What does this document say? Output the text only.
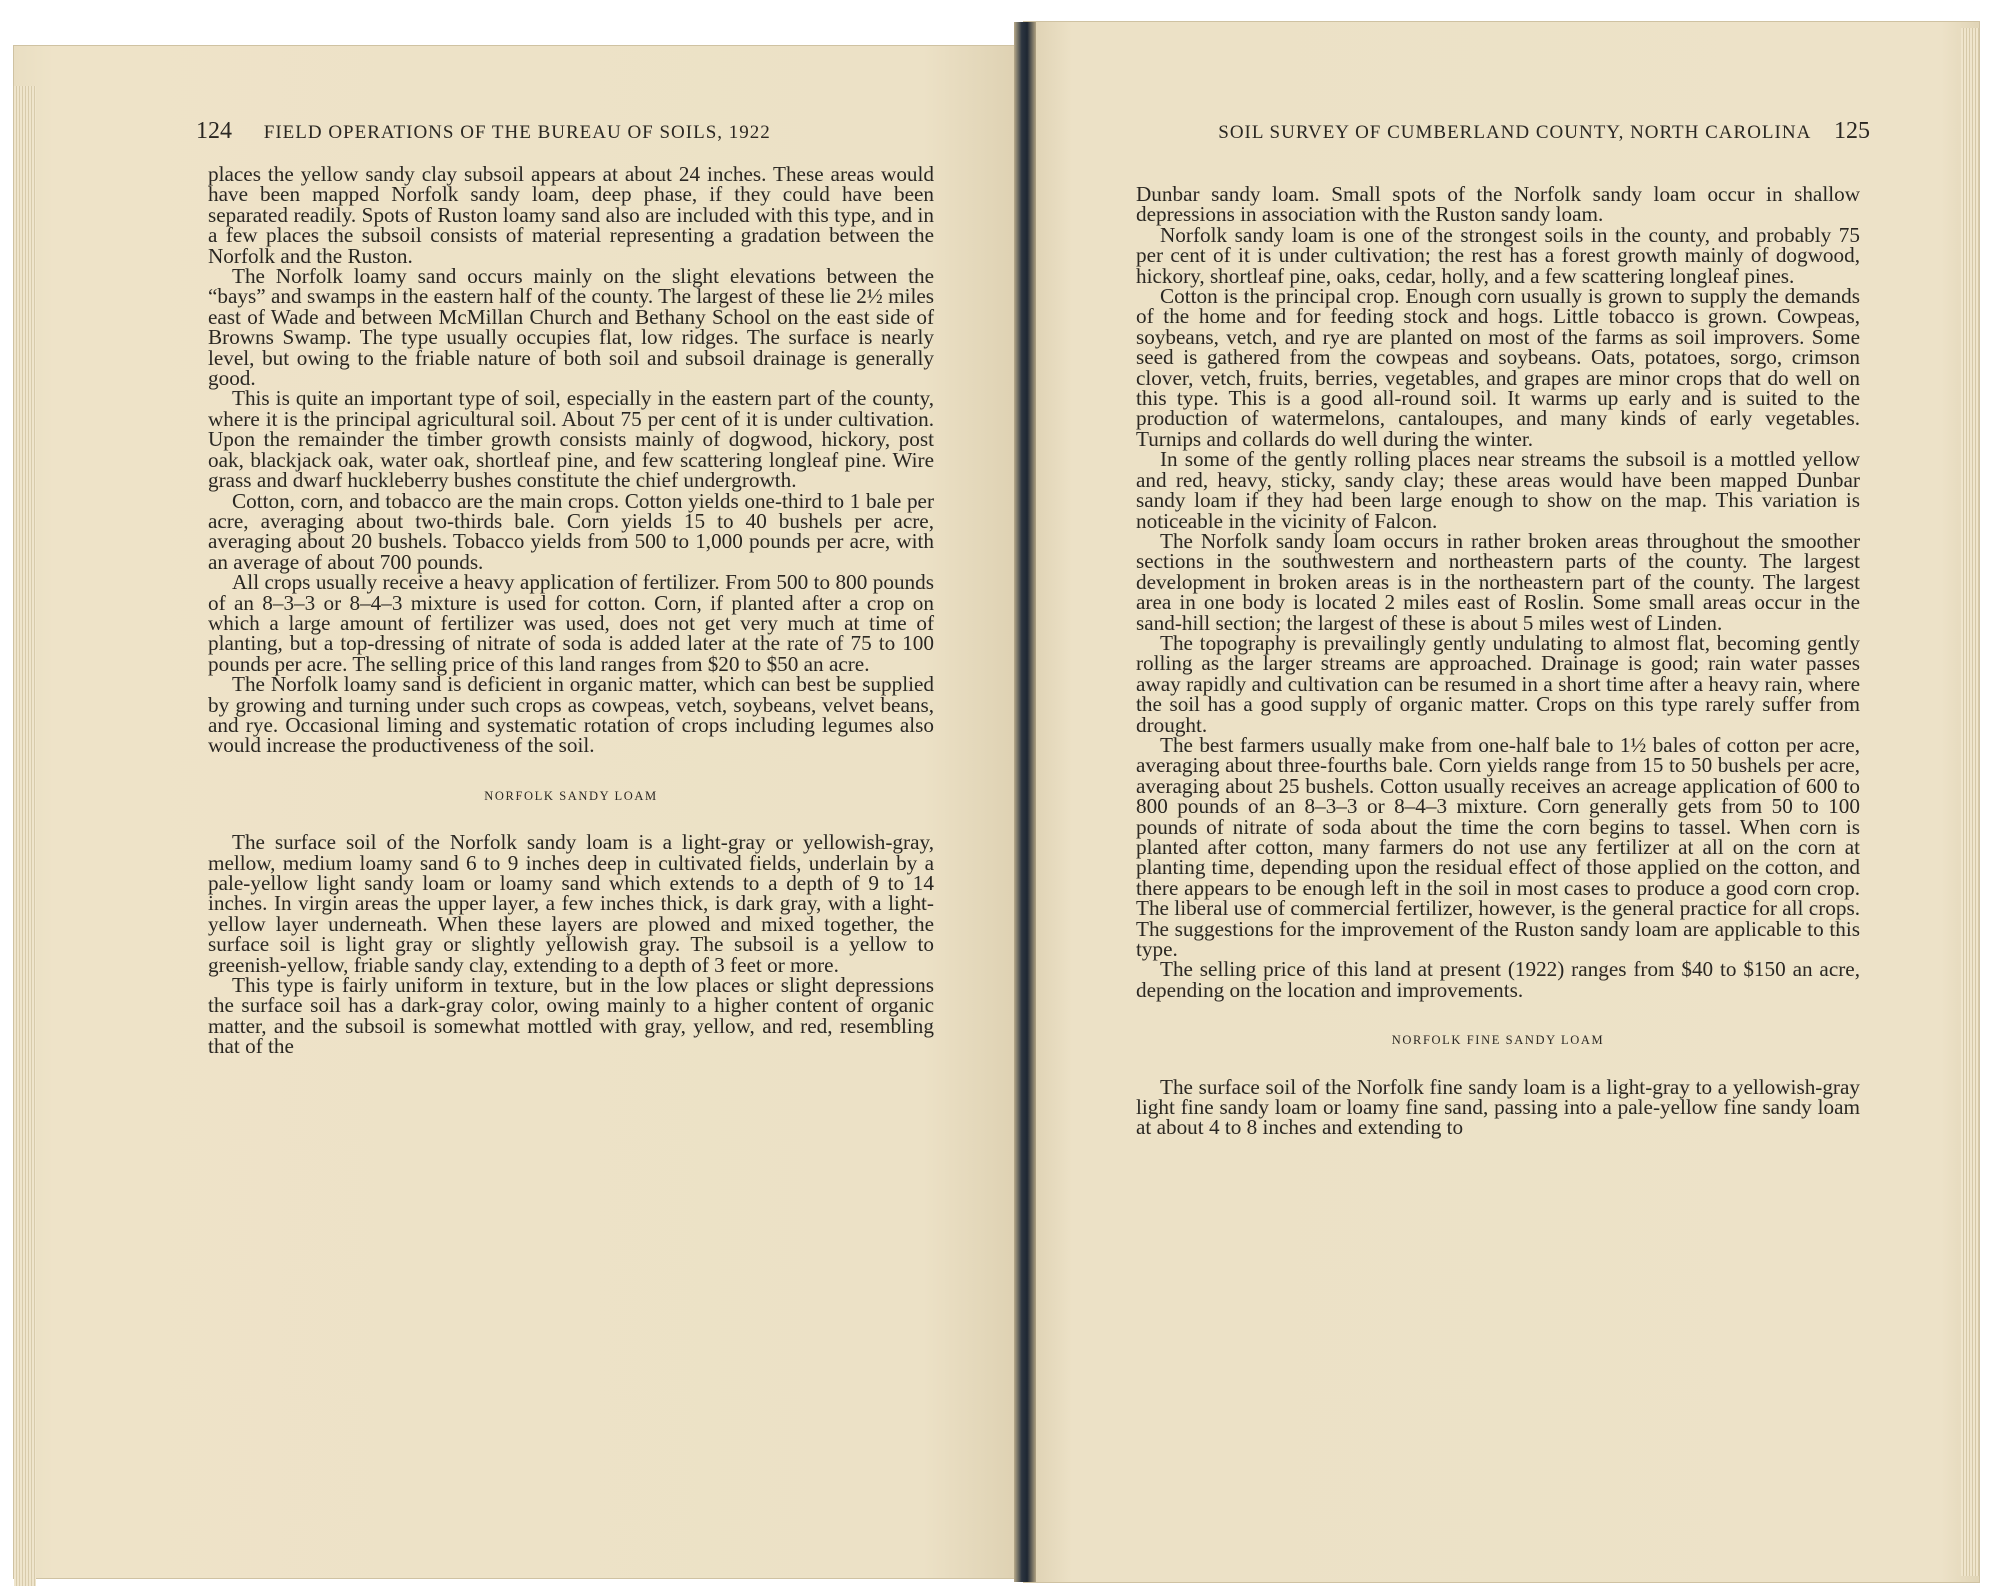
124 FIELD OPERATIONS OF THE BUREAU OF SOILS, 1922	SOIL SURVEY OF CUMBERLAND COUNTY, NORTH CAROLINA 125

places the yellow sandy clay subsoil appears at about 24 inches. These areas would have been mapped Norfolk sandy loam, deep phase, if they could have been separated readily. Spots of Ruston loamy sand also are included with this type, and in a few places the subsoil consists of material representing a gradation between the Norfolk and the Ruston.

The Norfolk loamy sand occurs mainly on the slight elevations between the “bays” and swamps in the eastern half of the county. The largest of these lie 2½ miles east of Wade and between McMillan Church and Bethany School on the east side of Browns Swamp. The type usually occupies flat, low ridges. The surface is nearly level, but owing to the friable nature of both soil and subsoil drainage is generally good.

This is quite an important type of soil, especially in the eastern part of the county, where it is the principal agricultural soil. About 75 per cent of it is under cultivation. Upon the remainder the timber growth consists mainly of dogwood, hickory, post oak, blackjack oak, water oak, shortleaf pine, and few scattering longleaf pine. Wire grass and dwarf huckleberry bushes constitute the chief undergrowth.

Cotton, corn, and tobacco are the main crops. Cotton yields one-third to 1 bale per acre, averaging about two-thirds bale. Corn yields 15 to 40 bushels per acre, averaging about 20 bushels. Tobacco yields from 500 to 1,000 pounds per acre, with an average of about 700 pounds.

All crops usually receive a heavy application of fertilizer. From 500 to 800 pounds of an 8–3–3 or 8–4–3 mixture is used for cotton. Corn, if planted after a crop on which a large amount of fertilizer was used, does not get very much at time of planting, but a top-dressing of nitrate of soda is added later at the rate of 75 to 100 pounds per acre. The selling price of this land ranges from $20 to $50 an acre.

The Norfolk loamy sand is deficient in organic matter, which can best be supplied by growing and turning under such crops as cowpeas, vetch, soybeans, velvet beans, and rye. Occasional liming and systematic rotation of crops including legumes also would increase the productiveness of the soil.

NORFOLK SANDY LOAM

The surface soil of the Norfolk sandy loam is a light-gray or yellowish-gray, mellow, medium loamy sand 6 to 9 inches deep in cultivated fields, underlain by a pale-yellow light sandy loam or loamy sand which extends to a depth of 9 to 14 inches. In virgin areas the upper layer, a few inches thick, is dark gray, with a light-yellow layer underneath. When these layers are plowed and mixed together, the surface soil is light gray or slightly yellowish gray. The subsoil is a yellow to greenish-yellow, friable sandy clay, extending to a depth of 3 feet or more.

This type is fairly uniform in texture, but in the low places or slight depressions the surface soil has a dark-gray color, owing mainly to a higher content of organic matter, and the subsoil is somewhat mottled with gray, yellow, and red, resembling that of the

Dunbar sandy loam. Small spots of the Norfolk sandy loam occur in shallow depressions in association with the Ruston sandy loam.

Norfolk sandy loam is one of the strongest soils in the county, and probably 75 per cent of it is under cultivation; the rest has a forest growth mainly of dogwood, hickory, shortleaf pine, oaks, cedar, holly, and a few scattering longleaf pines.

Cotton is the principal crop. Enough corn usually is grown to supply the demands of the home and for feeding stock and hogs. Little tobacco is grown. Cowpeas, soybeans, vetch, and rye are planted on most of the farms as soil improvers. Some seed is gathered from the cowpeas and soybeans. Oats, potatoes, sorgo, crimson clover, vetch, fruits, berries, vegetables, and grapes are minor crops that do well on this type. This is a good all-round soil. It warms up early and is suited to the production of watermelons, cantaloupes, and many kinds of early vegetables. Turnips and collards do well during the winter.

In some of the gently rolling places near streams the subsoil is a mottled yellow and red, heavy, sticky, sandy clay; these areas would have been mapped Dunbar sandy loam if they had been large enough to show on the map. This variation is noticeable in the vicinity of Falcon.

The Norfolk sandy loam occurs in rather broken areas throughout the smoother sections in the southwestern and northeastern parts of the county. The largest development in broken areas is in the northeastern part of the county. The largest area in one body is located 2 miles east of Roslin. Some small areas occur in the sand-hill section; the largest of these is about 5 miles west of Linden.

The topography is prevailingly gently undulating to almost flat, becoming gently rolling as the larger streams are approached. Drainage is good; rain water passes away rapidly and cultivation can be resumed in a short time after a heavy rain, where the soil has a good supply of organic matter. Crops on this type rarely suffer from drought.

The best farmers usually make from one-half bale to 1½ bales of cotton per acre, averaging about three-fourths bale. Corn yields range from 15 to 50 bushels per acre, averaging about 25 bushels. Cotton usually receives an acreage application of 600 to 800 pounds of an 8–3–3 or 8–4–3 mixture. Corn generally gets from 50 to 100 pounds of nitrate of soda about the time the corn begins to tassel. When corn is planted after cotton, many farmers do not use any fertilizer at all on the corn at planting time, depending upon the residual effect of those applied on the cotton, and there appears to be enough left in the soil in most cases to produce a good corn crop. The liberal use of commercial fertilizer, however, is the general practice for all crops. The suggestions for the improvement of the Ruston sandy loam are applicable to this type.

The selling price of this land at present (1922) ranges from $40 to $150 an acre, depending on the location and improvements.

NORFOLK FINE SANDY LOAM

The surface soil of the Norfolk fine sandy loam is a light-gray to a yellowish-gray light fine sandy loam or loamy fine sand, passing into a pale-yellow fine sandy loam at about 4 to 8 inches and extending to
